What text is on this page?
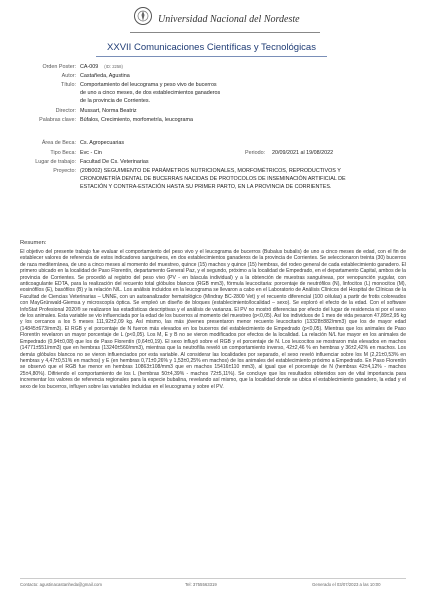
Universidad Nacional del Nordeste
XXVII Comunicaciones Científicas y Tecnológicas
Orden Poster: CA-009 (ID: 2258)
Autor: Castañeda, Agustina
Título: Comportamiento del leucograma y peso vivo de bucerros
de uno a cinco meses, de dos establecimientos ganaderos
de la provincia de Corrientes.
Director: Mussart, Norma Beatriz
Palabras clave: Búfalos, Crecimiento, morfometría, leucograma
Área de Beca: Cs. Agropecuarias
Tipo Beca: Evc - Cin	Periodo: 20/09/2021 al 19/08/2022
Lugar de trabajo: Facultad De Cs. Veterinarias
Proyecto: (20B002) SEGUIMIENTO DE PARÁMETROS NUTRICIONALES, MORFOMÉTRICOS, REPRODUCTIVOS Y
CRONOMETRÍA DENTAL DE BUCERRAS NACIDAS DE PROTOCOLOS DE INSEMINACIÓN ARTIFICIAL DE
ESTACIÓN Y CONTRA-ESTACIÓN HASTA SU PRIMER PARTO, EN LA PROVINCIA DE CORRIENTES.
Resumen:
El objetivo del presente trabajo fue evaluar el comportamiento del peso vivo y el leucograma de bucerros (Bubalus bubalis) de uno a cinco meses de edad, con el fin de establecer valores de referencia de estos indicadores sanguíneos, en dos establecimientos ganaderos de la provincia de Corrientes. Se seleccionaron treinta (30) bucerros de raza mediterránea, de uno a cinco meses al momento del muestreo, quince (15) machos y quince (15) hembras, del rodeo general de cada establecimiento ganadero. El primero ubicado en la localidad de Paso Florentín, departamento General Paz, y el segundo, próximo a la localidad de Empedrado, en el departamento Capital, ambos de la provincia de Corrientes. Se procedió al registro del peso vivo (PV - en báscula individual) y a la obtención de muestras sanguíneas, por venopunción yugular, con anticoagulante EDTA, para la realización del recuento total glóbulos blancos (RGB mm3), fórmula leucocitaria: porcentaje de neutrófilos (N), linfocitos (L) monocitos (M), eosinófilos (E), basófilos (B) y la relación N/L. Los análisis incluidos en la leucograma se llevaron a cabo en el Laboratorio de Análisis Clínicos del Hospital de Clínicas de la Facultad de Ciencias Veterinarias – UNNE, con un autoanalizador hematológico (Mindray BC-2800 Vet) y el recuento diferencial (100 células) a partir de frotis coloreados con MayGrünwald-Giemsa y microscopía óptica. Se empleó un diseño de bloques (establecimiento/localidad – sexo). Se exploró el efecto de la edad. Con el software InfoStat Profesional 2020® se realizaron las estadísticas descriptivas y el análisis de varianza. El PV no mostró diferencias por efecto del lugar de residencia ni por el sexo de los animales. Esta variable se vio influenciada por la edad de los bucerros al momento del muestreo (p<0,05). Así los individuos de 1 mes de vida pesaron 47,89±2,95 kg y los cercanos a los 5 meses 111,92±2,09 kg. Así mismo, las más jóvenes presentaron menor recuento leucocitario (13328±882/mm3) que los de mayor edad (14845±673/mm3). El RGB y el porcentaje de N fueron más elevados en los bucerros del establecimiento de Empedrado (p<0,05). Mientras que los animales de Paso Florentín revelaron un mayor porcentaje de L (p<0,05). Los M, E y B no se vieron modificados por efectos de la localidad. La relación N/L fue mayor en los animales de Empedrado (0,94±0,08) que los de Paso Florentín (0,64±0,19). El sexo influyó sobre el RGB y el porcentaje de N. Los leucocitos se mostraron más elevados en machos (14771±551/mm3) que en hembras (13240±560/mm3), mientras que la neutrofilia reveló un comportamiento inverso, 42±2,46 % en hembras y 36±2,42% en machos. Los demás glóbulos blancos no se vieron influenciados por esta variable. Al considerar las localidades por separado, el sexo reveló influenciar sobre los M (2,21±0,53% en hembras y 4,47±0,51% en machos) y E (en hembras 0,71±0,26% y 1,53±0,25% en machos) de los animales del establecimiento próximo a Empedrado. En Paso Florentín se observó que el RGB fue menor en hembras 10863±108/mm3 que en machos 15416±110 mm3), al igual que el porcentaje de N (hembras 42±4,12% - machos 25±4,80%). Difiriendo el comportamiento de los L (hembras 50±4,39% - machos 72±5,11%). Se concluye que los resultados obtenidos son de vital importancia para incrementar los valores de referencia regionales para la especie bubalina, revelando así mismo, que la localidad donde se ubica el establecimiento ganadero, la edad y el sexo de los bucerros, influyen sobre las variables incluidas en el leucograma y sobre el PV.
Contacto: agustinacastanheda@gmail.com	Tel: 3755563319	Generado el 03/07/2023 a las 10:00
